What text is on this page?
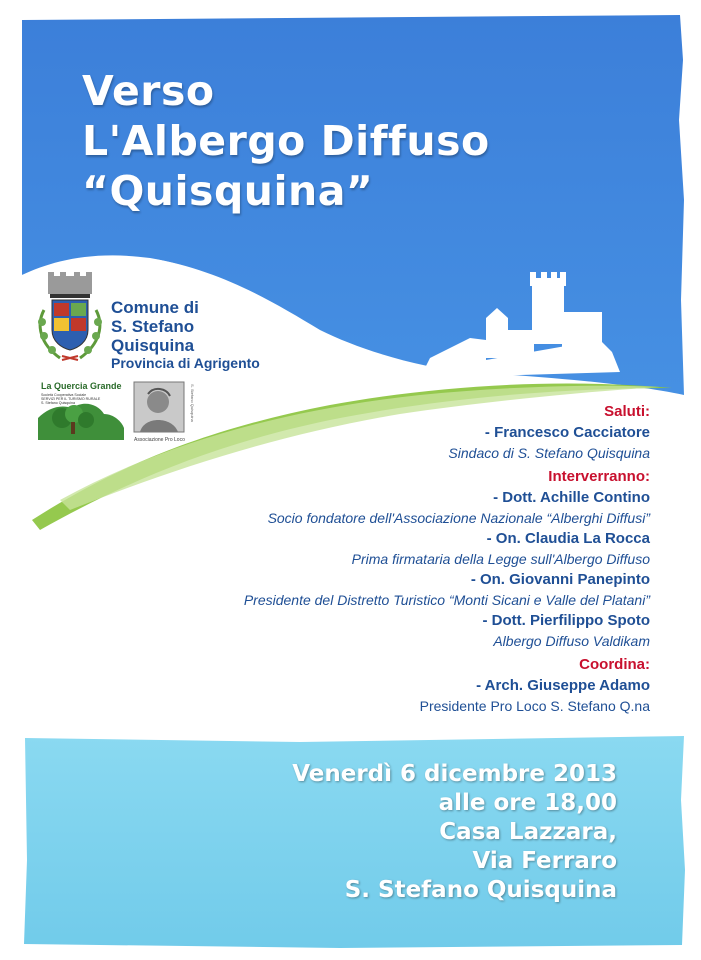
Verso
L'Albergo Diffuso
“Quisquina”
Comune di
S. Stefano
Quisquina
Provincia di Agrigento
La Quercia Grande
Società Cooperativa Sociale
SERVIZI PER IL TURISMO RURALE
S. Stefano Quisquina
Associazione Pro Loco
S. Stefano Quisquina	Saluti:
- Francesco Cacciatore
Sindaco di S. Stefano Quisquina
Interverranno:
- Dott. Achille Contino
Socio fondatore dell'Associazione Nazionale “Alberghi Diffusi”
- On. Claudia La Rocca
Prima firmataria della Legge sull'Albergo Diffuso
- On. Giovanni Panepinto
Presidente del Distretto Turistico “Monti Sicani e Valle del Platani”
- Dott. Pierfilippo Spoto
Albergo Diffuso Valdikam
Coordina:
- Arch. Giuseppe Adamo
Presidente Pro Loco S. Stefano Q.na
Venerdì 6 dicembre 2013
alle ore 18,00
Casa Lazzara,
Via Ferraro
S. Stefano Quisquina
